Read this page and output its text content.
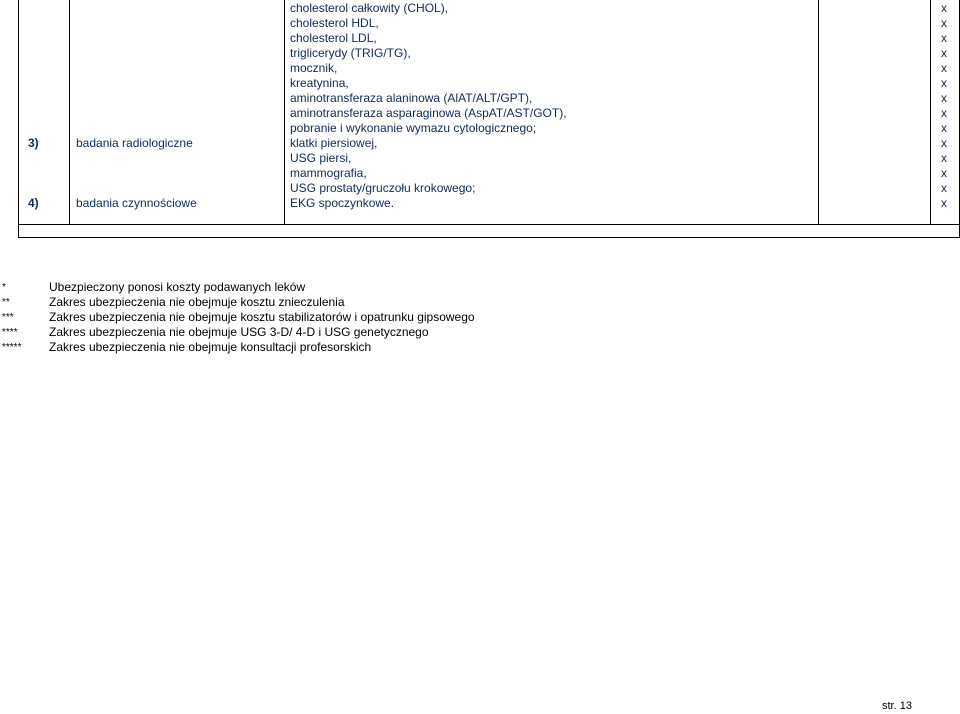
cholesterol całkowity (CHOL),	x
cholesterol HDL,	x
cholesterol LDL,	x
triglicerydy (TRIG/TG),	x
mocznik,	x
kreatynina,	x
aminotransferaza alaninowa (AlAT/ALT/GPT),	x
aminotransferaza asparaginowa (AspAT/AST/GOT),	x
pobranie i wykonanie wymazu cytologicznego;	x
3)	badania radiologiczne	klatki piersiowej,	x
USG piersi,	x
mammografia,	x
USG prostaty/gruczołu krokowego;	x
4)	badania czynnościowe	EKG spoczynkowe.	x
*	Ubezpieczony ponosi koszty podawanych leków
**	Zakres ubezpieczenia nie obejmuje kosztu znieczulenia
***	Zakres ubezpieczenia nie obejmuje kosztu stabilizatorów i opatrunku gipsowego
****	Zakres ubezpieczenia nie obejmuje USG 3-D/ 4-D i USG genetycznego
***** Zakres ubezpieczenia nie obejmuje konsultacji profesorskich
str. 13
